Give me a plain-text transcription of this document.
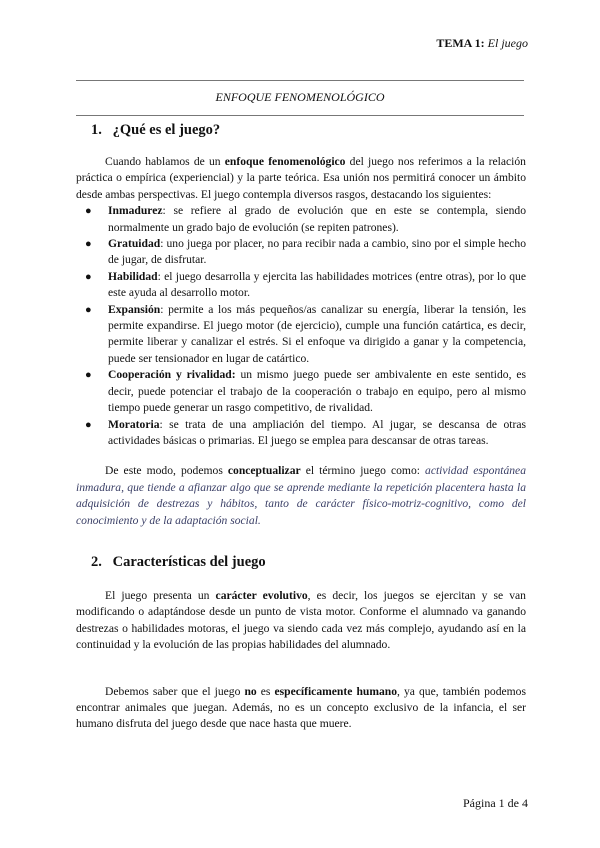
TEMA 1: El juego
ENFOQUE FENOMENOLÓGICO
1. ¿Qué es el juego?

Cuando hablamos de un enfoque fenomenológico del juego nos referimos a la relación práctica o empírica (experiencial) y la parte teórica. Esa unión nos permitirá conocer un ámbito desde ambas perspectivas. El juego contempla diversos rasgos, destacando los siguientes:

● Inmadurez: se refiere al grado de evolución que en este se contempla, siendo normalmente un grado bajo de evolución (se repiten patrones).
● Gratuidad: uno juega por placer, no para recibir nada a cambio, sino por el simple hecho de jugar, de disfrutar.
● Habilidad: el juego desarrolla y ejercita las habilidades motrices (entre otras), por lo que este ayuda al desarrollo motor.
● Expansión: permite a los más pequeños/as canalizar su energía, liberar la tensión, les permite expandirse. El juego motor (de ejercicio), cumple una función catártica, es decir, permite liberar y canalizar el estrés. Si el enfoque va dirigido a ganar y la competencia, puede ser tensionador en lugar de catártico.
● Cooperación y rivalidad: un mismo juego puede ser ambivalente en este sentido, es decir, puede potenciar el trabajo de la cooperación o trabajo en equipo, pero al mismo tiempo puede generar un rasgo competitivo, de rivalidad.
● Moratoria: se trata de una ampliación del tiempo. Al jugar, se descansa de otras actividades básicas o primarias. El juego se emplea para descansar de otras tareas.

De este modo, podemos conceptualizar el término juego como: actividad espontánea inmadura, que tiende a afianzar algo que se aprende mediante la repetición placentera hasta la adquisición de destrezas y hábitos, tanto de carácter físico-motriz-cognitivo, como del conocimiento y de la adaptación social.

2. Características del juego

El juego presenta un carácter evolutivo, es decir, los juegos se ejercitan y se van modificando o adaptándose desde un punto de vista motor. Conforme el alumnado va ganando destrezas o habilidades motoras, el juego va siendo cada vez más complejo, ayudando así en la continuidad y la evolución de las propias habilidades del alumnado.

Debemos saber que el juego no es específicamente humano, ya que, también podemos encontrar animales que juegan. Además, no es un concepto exclusivo de la infancia, el ser humano disfruta del juego desde que nace hasta que muere.

Página 1 de 4
